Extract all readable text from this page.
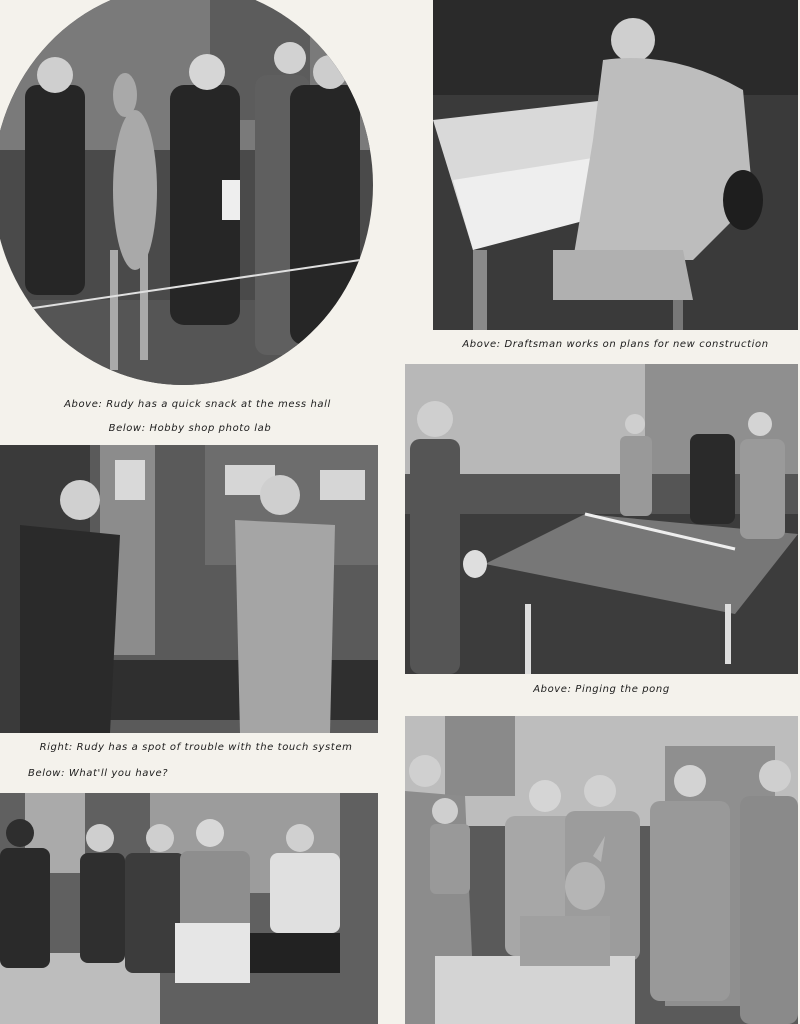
Above: Draftsman works on plans for new construction
Above: Rudy has a quick snack at the mess hall
Below: Hobby shop photo lab
Above: Pinging the pong
Right: Rudy has a spot of trouble with the touch system
Below: What'll you have?
